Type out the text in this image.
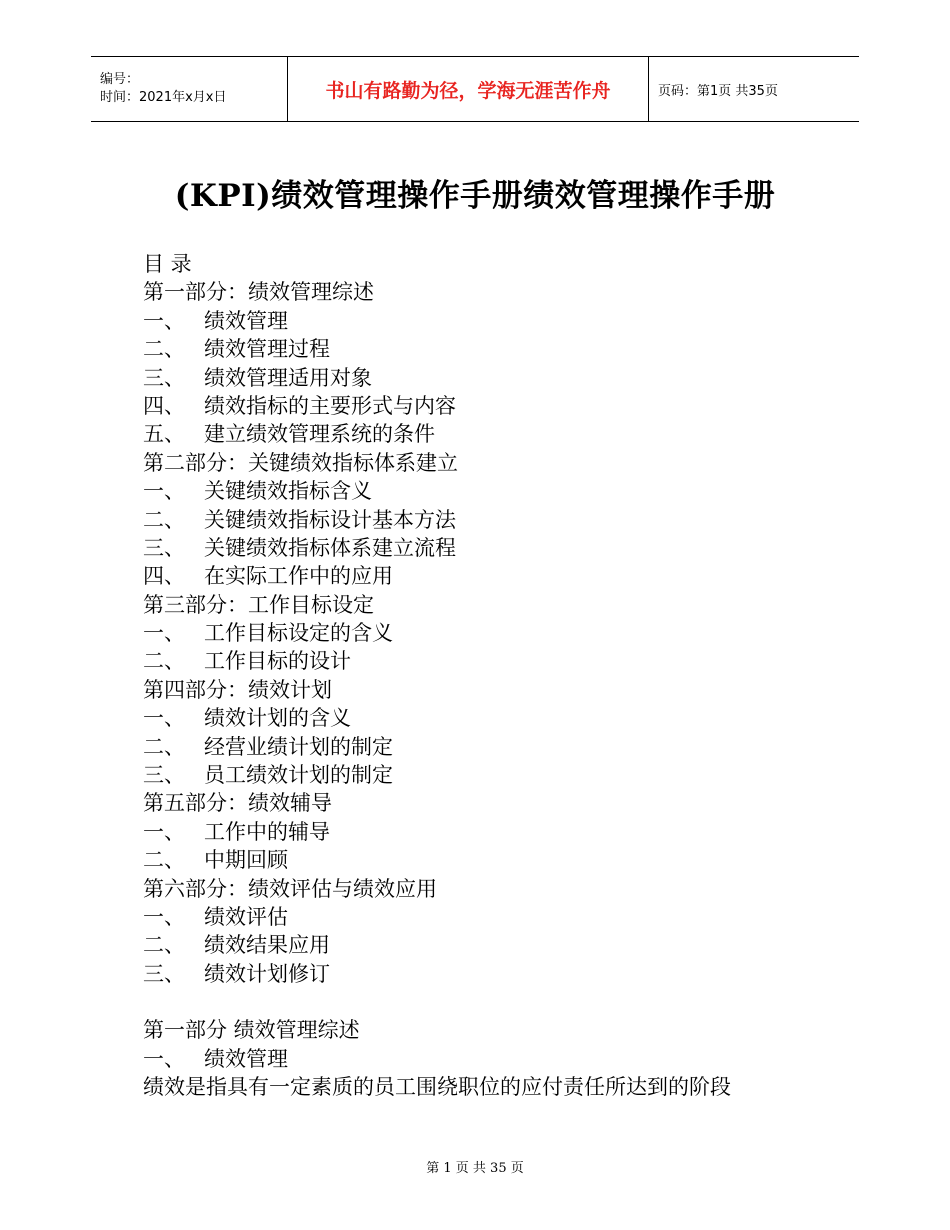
编号：
时间：2021年x月x日	书山有路勤为径，学海无涯苦作舟	页码：第1页 共35页
(KPI)绩效管理操作手册绩效管理操作手册
目 录
第一部分：绩效管理综述
一、 绩效管理
二、 绩效管理过程
三、 绩效管理适用对象
四、 绩效指标的主要形式与内容
五、 建立绩效管理系统的条件
第二部分：关键绩效指标体系建立
一、 关键绩效指标含义
二、 关键绩效指标设计基本方法
三、 关键绩效指标体系建立流程
四、 在实际工作中的应用
第三部分：工作目标设定
一、 工作目标设定的含义
二、 工作目标的设计
第四部分：绩效计划
一、 绩效计划的含义
二、 经营业绩计划的制定
三、 员工绩效计划的制定
第五部分：绩效辅导
一、 工作中的辅导
二、 中期回顾
第六部分：绩效评估与绩效应用
一、 绩效评估
二、 绩效结果应用
三、 绩效计划修订
第一部分 绩效管理综述
一、 绩效管理
绩效是指具有一定素质的员工围绕职位的应付责任所达到的阶段
第 1 页 共 35 页
